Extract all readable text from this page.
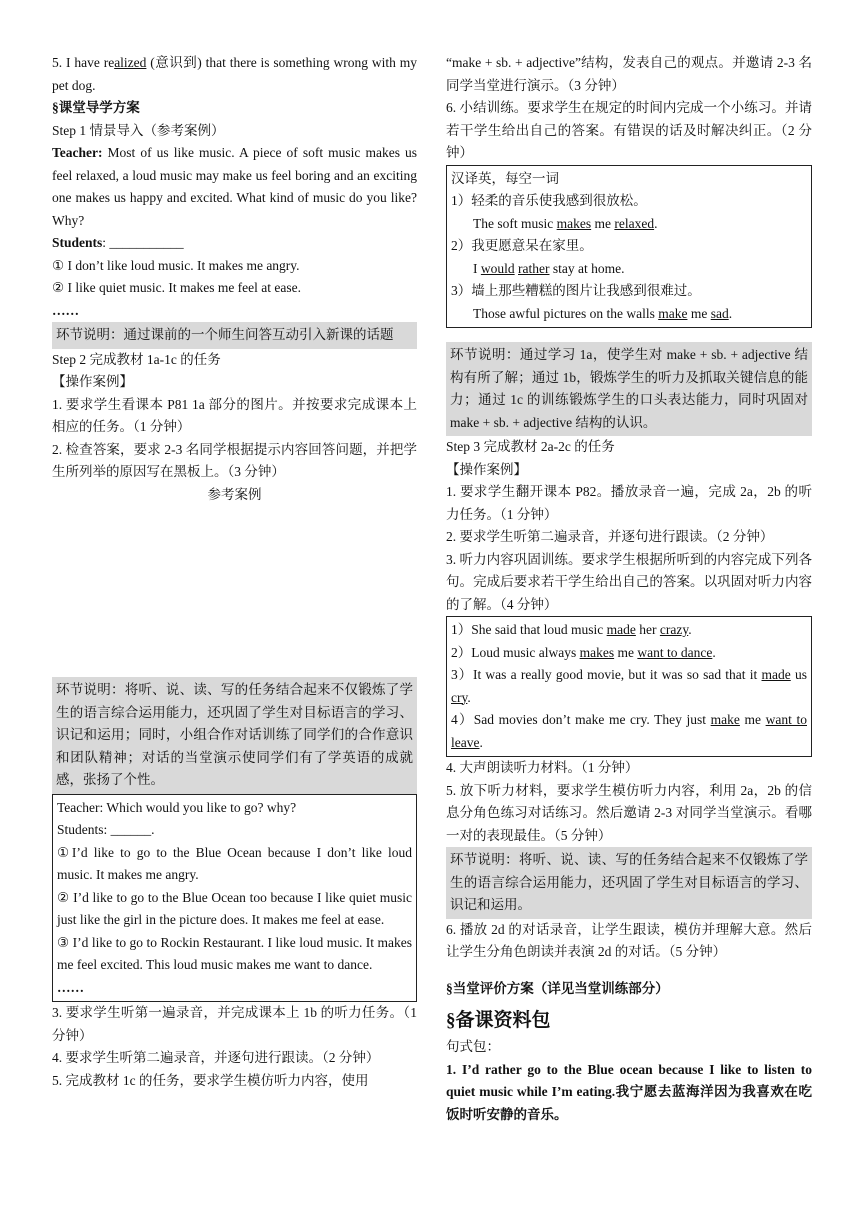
5. I have realized (意识到) that there is something wrong with my pet dog.

§课堂导学方案

Step 1 情景导入（参考案例）

Teacher: Most of us like music. A piece of soft music makes us feel relaxed, a loud music may make us feel boring and an exciting one makes us happy and excited. What kind of music do you like? Why?

Students: ___________

① I don’t like loud music. It makes me angry.

② I like quiet music. It makes me feel at ease.

……

环节说明：通过课前的一个师生问答互动引入新课的话题

Step 2 完成教材 1a-1c 的任务

【操作案例】

1. 要求学生看课本 P81 1a 部分的图片。并按要求完成课本上相应的任务。（1 分钟）

2. 检查答案，要求 2-3 名同学根据提示内容回答问题，并把学生所列举的原因写在黑板上。（3 分钟）

参考案例

环节说明：将听、说、读、写的任务结合起来不仅锻炼了学生的语言综合运用能力，还巩固了学生对目标语言的学习、识记和运用；同时，小组合作对话训练了同学们的合作意识和团队精神；对话的当堂演示使同学们有了学英语的成就感，张扬了个性。

Teacher: Which would you like to go? why?

Students: ______.

①I’d like to go to the Blue Ocean because I don’t like loud music. It makes me angry.

② I’d like to go to the Blue Ocean too because I like quiet music just like the girl in the picture does. It makes me feel at ease.

③ I’d like to go to Rockin Restaurant. I like loud music. It makes me feel excited. This loud music makes me want to dance.

……

3. 要求学生听第一遍录音，并完成课本上 1b 的听力任务。（1 分钟）

4. 要求学生听第二遍录音，并逐句进行跟读。（2 分钟）

5. 完成教材 1c 的任务，要求学生模仿听力内容，使用

“make + sb. + adjective”结构，发表自己的观点。并邀请 2-3 名同学当堂进行演示。（3 分钟）

6. 小结训练。要求学生在规定的时间内完成一个小练习。并请若干学生给出自己的答案。有错误的话及时解决纠正。（2 分钟）

汉译英，每空一词

1）轻柔的音乐使我感到很放松。

The soft music makes me relaxed.

2）我更愿意呆在家里。

I would rather stay at home.

3）墙上那些糟糕的图片让我感到很难过。

Those awful pictures on the walls make me sad.

环节说明：通过学习 1a，使学生对 make + sb. + adjective 结构有所了解；通过 1b，锻炼学生的听力及抓取关键信息的能力；通过 1c 的训练锻炼学生的口头表达能力，同时巩固对 make + sb. + adjective 结构的认识。

Step 3 完成教材 2a-2c 的任务

【操作案例】

1. 要求学生翻开课本 P82。播放录音一遍，完成 2a，2b 的听力任务。（1 分钟）

2. 要求学生听第二遍录音，并逐句进行跟读。（2 分钟）

3. 听力内容巩固训练。要求学生根据所听到的内容完成下列各句。完成后要求若干学生给出自己的答案。以巩固对听力内容的了解。（4 分钟）

1）She said that loud music made her crazy.

2）Loud music always makes me want to dance.

3）It was a really good movie, but it was so sad that it made us cry.

4）Sad movies don’t make me cry. They just make me want to leave.

4. 大声朗读听力材料。（1 分钟）

5. 放下听力材料，要求学生模仿听力内容，利用 2a，2b 的信息分角色练习对话练习。然后邀请 2-3 对同学当堂演示。看哪一对的表现最佳。（5 分钟）

环节说明：将听、说、读、写的任务结合起来不仅锻炼了学生的语言综合运用能力，还巩固了学生对目标语言的学习、识记和运用。

6. 播放 2d 的对话录音，让学生跟读，模仿并理解大意。然后让学生分角色朗读并表演 2d 的对话。（5 分钟）

§当堂评价方案（详见当堂训练部分）

§备课资料包

句式包：

1. I’d rather go to the Blue ocean because I like to listen to quiet music while I’m eating.我宁愿去蓝海洋因为我喜欢在吃饭时听安静的音乐。
